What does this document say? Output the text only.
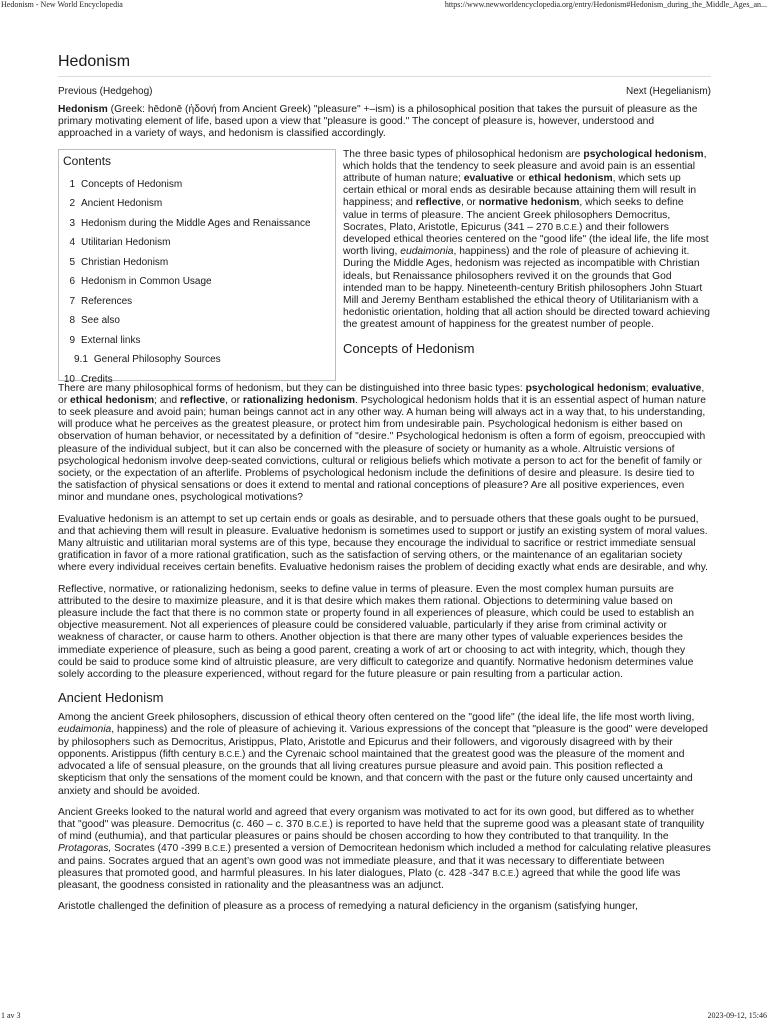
Hedonism - New World Encyclopedia	https://www.newworldencyclopedia.org/entry/Hedonism#Hedonism_during_the_Middle_Ages_an...
Hedonism
Previous (Hedgehog)	Next (Hegelianism)

Hedonism (Greek: hēdonē (ἡδονή from Ancient Greek) "pleasure" +–ism) is a philosophical position that takes the pursuit of pleasure as the primary motivating element of life, based upon a view that "pleasure is good." The concept of pleasure is, however, understood and approached in a variety of ways, and hedonism is classified accordingly.

Contents
1 Concepts of Hedonism
2 Ancient Hedonism
3 Hedonism during the Middle Ages and Renaissance
4 Utilitarian Hedonism
5 Christian Hedonism
6 Hedonism in Common Usage
7 References
8 See also
9 External links
9.1 General Philosophy Sources
10 Credits

The three basic types of philosophical hedonism are psychological hedonism, which holds that the tendency to seek pleasure and avoid pain is an essential attribute of human nature; evaluative or ethical hedonism, which sets up certain ethical or moral ends as desirable because attaining them will result in happiness; and reflective, or normative hedonism, which seeks to define value in terms of pleasure. The ancient Greek philosophers Democritus, Socrates, Plato, Aristotle, Epicurus (341 – 270 B.C.E.) and their followers developed ethical theories centered on the "good life" (the ideal life, the life most worth living, eudaimonia, happiness) and the role of pleasure of achieving it. During the Middle Ages, hedonism was rejected as incompatible with Christian ideals, but Renaissance philosophers revived it on the grounds that God intended man to be happy. Nineteenth-century British philosophers John Stuart Mill and Jeremy Bentham established the ethical theory of Utilitarianism with a hedonistic orientation, holding that all action should be directed toward achieving the greatest amount of happiness for the greatest number of people.

Concepts of Hedonism

There are many philosophical forms of hedonism, but they can be distinguished into three basic types: psychological hedonism; evaluative, or ethical hedonism; and reflective, or rationalizing hedonism. Psychological hedonism holds that it is an essential aspect of human nature to seek pleasure and avoid pain; human beings cannot act in any other way. A human being will always act in a way that, to his understanding, will produce what he perceives as the greatest pleasure, or protect him from undesirable pain. Psychological hedonism is either based on observation of human behavior, or necessitated by a definition of "desire." Psychological hedonism is often a form of egoism, preoccupied with pleasure of the individual subject, but it can also be concerned with the pleasure of society or humanity as a whole. Altruistic versions of psychological hedonism involve deep-seated convictions, cultural or religious beliefs which motivate a person to act for the benefit of family or society, or the expectation of an afterlife. Problems of psychological hedonism include the definitions of desire and pleasure. Is desire tied to the satisfaction of physical sensations or does it extend to mental and rational conceptions of pleasure? Are all positive experiences, even minor and mundane ones, psychological motivations?

Evaluative hedonism is an attempt to set up certain ends or goals as desirable, and to persuade others that these goals ought to be pursued, and that achieving them will result in pleasure. Evaluative hedonism is sometimes used to support or justify an existing system of moral values. Many altruistic and utilitarian moral systems are of this type, because they encourage the individual to sacrifice or restrict immediate sensual gratification in favor of a more rational gratification, such as the satisfaction of serving others, or the maintenance of an egalitarian society where every individual receives certain benefits. Evaluative hedonism raises the problem of deciding exactly what ends are desirable, and why.

Reflective, normative, or rationalizing hedonism, seeks to define value in terms of pleasure. Even the most complex human pursuits are attributed to the desire to maximize pleasure, and it is that desire which makes them rational. Objections to determining value based on pleasure include the fact that there is no common state or property found in all experiences of pleasure, which could be used to establish an objective measurement. Not all experiences of pleasure could be considered valuable, particularly if they arise from criminal activity or weakness of character, or cause harm to others. Another objection is that there are many other types of valuable experiences besides the immediate experience of pleasure, such as being a good parent, creating a work of art or choosing to act with integrity, which, though they could be said to produce some kind of altruistic pleasure, are very difficult to categorize and quantify. Normative hedonism determines value solely according to the pleasure experienced, without regard for the future pleasure or pain resulting from a particular action.

Ancient Hedonism

Among the ancient Greek philosophers, discussion of ethical theory often centered on the "good life" (the ideal life, the life most worth living, eudaimonia, happiness) and the role of pleasure of achieving it. Various expressions of the concept that "pleasure is the good" were developed by philosophers such as Democritus, Aristippus, Plato, Aristotle and Epicurus and their followers, and vigorously disagreed with by their opponents. Aristippus (fifth century B.C.E.) and the Cyrenaic school maintained that the greatest good was the pleasure of the moment and advocated a life of sensual pleasure, on the grounds that all living creatures pursue pleasure and avoid pain. This position reflected a skepticism that only the sensations of the moment could be known, and that concern with the past or the future only caused uncertainty and anxiety and should be avoided.

Ancient Greeks looked to the natural world and agreed that every organism was motivated to act for its own good, but differed as to whether that "good" was pleasure. Democritus (c. 460 – c. 370 B.C.E.) is reported to have held that the supreme good was a pleasant state of tranquility of mind (euthumia), and that particular pleasures or pains should be chosen according to how they contributed to that tranquility. In the Protagoras, Socrates (470 -399 B.C.E.) presented a version of Democritean hedonism which included a method for calculating relative pleasures and pains. Socrates argued that an agent’s own good was not immediate pleasure, and that it was necessary to differentiate between pleasures that promoted good, and harmful pleasures. In his later dialogues, Plato (c. 428 -347 B.C.E.) agreed that while the good life was pleasant, the goodness consisted in rationality and the pleasantness was an adjunct.

Aristotle challenged the definition of pleasure as a process of remedying a natural deficiency in the organism (satisfying hunger,

1 av 3	2023-09-12, 15:46
